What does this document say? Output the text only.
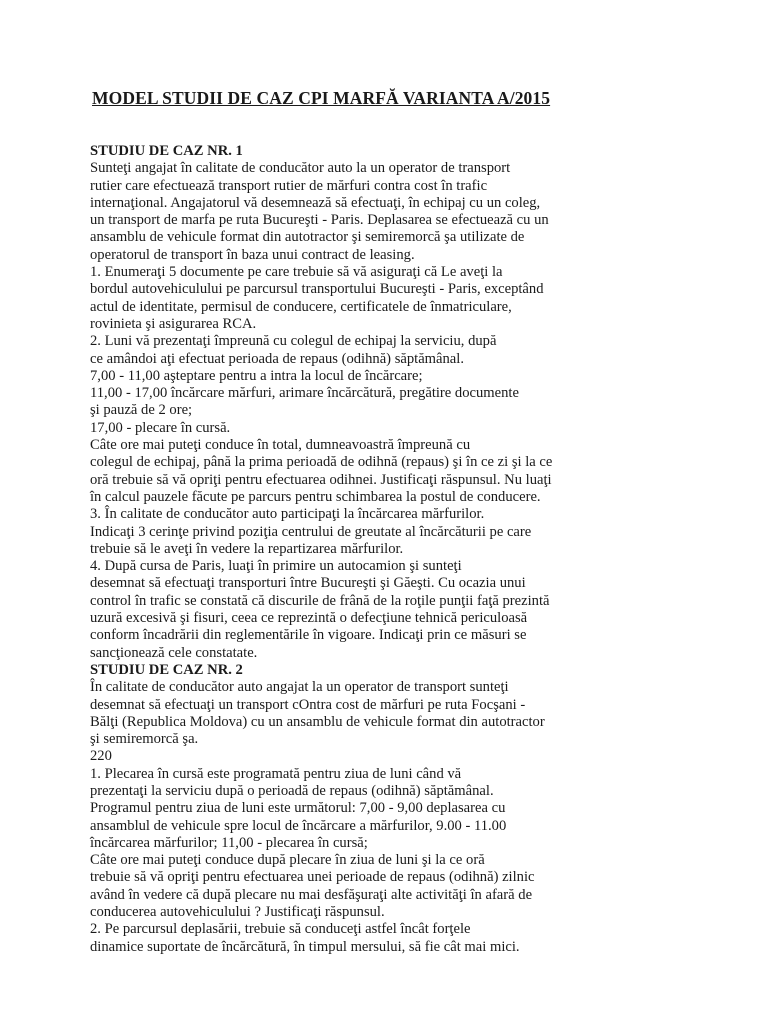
MODEL STUDII DE CAZ CPI MARFĂ VARIANTA A/2015
STUDIU DE CAZ NR. 1
Sunteţi angajat în calitate de conducător auto la un operator de transport
rutier care efectuează transport rutier de mărfuri contra cost în trafic
internaţional. Angajatorul vă desemnează să efectuaţi, în echipaj cu un coleg,
un transport de marfa pe ruta Bucureşti - Paris. Deplasarea se efectuează cu un
ansamblu de vehicule format din autotractor şi semiremorcă şa utilizate de
operatorul de transport în baza unui contract de leasing.
1. Enumeraţi 5 documente pe care trebuie să vă asiguraţi că Le aveţi la
bordul autovehiculului pe parcursul transportului Bucureşti - Paris, exceptând
actul de identitate, permisul de conducere, certificatele de înmatriculare,
rovinieta şi asigurarea RCA.
2. Luni vă prezentaţi împreună cu colegul de echipaj la serviciu, după
ce amândoi aţi efectuat perioada de repaus (odihnă) săptămânal.
7,00 - 11,00 aşteptare pentru a intra la locul de încărcare;
11,00 - 17,00 încărcare mărfuri, arimare încărcătură, pregătire documente
şi pauză de 2 ore;
17,00 - plecare în cursă.
Câte ore mai puteţi conduce în total, dumneavoastră împreună cu
colegul de echipaj, până la prima perioadă de odihnă (repaus) şi în ce zi şi la ce
oră trebuie să vă opriţi pentru efectuarea odihnei. Justificaţi răspunsul. Nu luaţi
în calcul pauzele făcute pe parcurs pentru schimbarea la postul de conducere.
3. În calitate de conducător auto participaţi la încărcarea mărfurilor.
Indicaţi 3 cerinţe privind poziţia centrului de greutate al încărcăturii pe care
trebuie să le aveţi în vedere la repartizarea mărfurilor.
4. După cursa de Paris, luaţi în primire un autocamion şi sunteţi
desemnat să efectuaţi transporturi între Bucureşti şi Găeşti. Cu ocazia unui
control în trafic se constată că discurile de frână de la roţile punţii faţă prezintă
uzură excesivă şi fisuri, ceea ce reprezintă o defecţiune tehnică periculoasă
conform încadrării din reglementările în vigoare. Indicaţi prin ce măsuri se
sancţionează cele constatate.
STUDIU DE CAZ NR. 2
În calitate de conducător auto angajat la un operator de transport sunteţi
desemnat să efectuaţi un transport cOntra cost de mărfuri pe ruta Focşani -
Bălţi (Republica Moldova) cu un ansamblu de vehicule format din autotractor
şi semiremorcă şa.
220
1. Plecarea în cursă este programată pentru ziua de luni când vă
prezentaţi la serviciu după o perioadă de repaus (odihnă) săptămânal.
Programul pentru ziua de luni este următorul: 7,00 - 9,00 deplasarea cu
ansamblul de vehicule spre locul de încărcare a mărfurilor, 9.00 - 11.00
încărcarea mărfurilor; 11,00 - plecarea în cursă;
Câte ore mai puteţi conduce după plecare în ziua de luni şi la ce oră
trebuie să vă opriţi pentru efectuarea unei perioade de repaus (odihnă) zilnic
având în vedere că după plecare nu mai desfăşuraţi alte activităţi în afară de
conducerea autovehiculului ? Justificaţi răspunsul.
2. Pe parcursul deplasării, trebuie să conduceţi astfel încât forţele
dinamice suportate de încărcătură, în timpul mersului, să fie cât mai mici.
